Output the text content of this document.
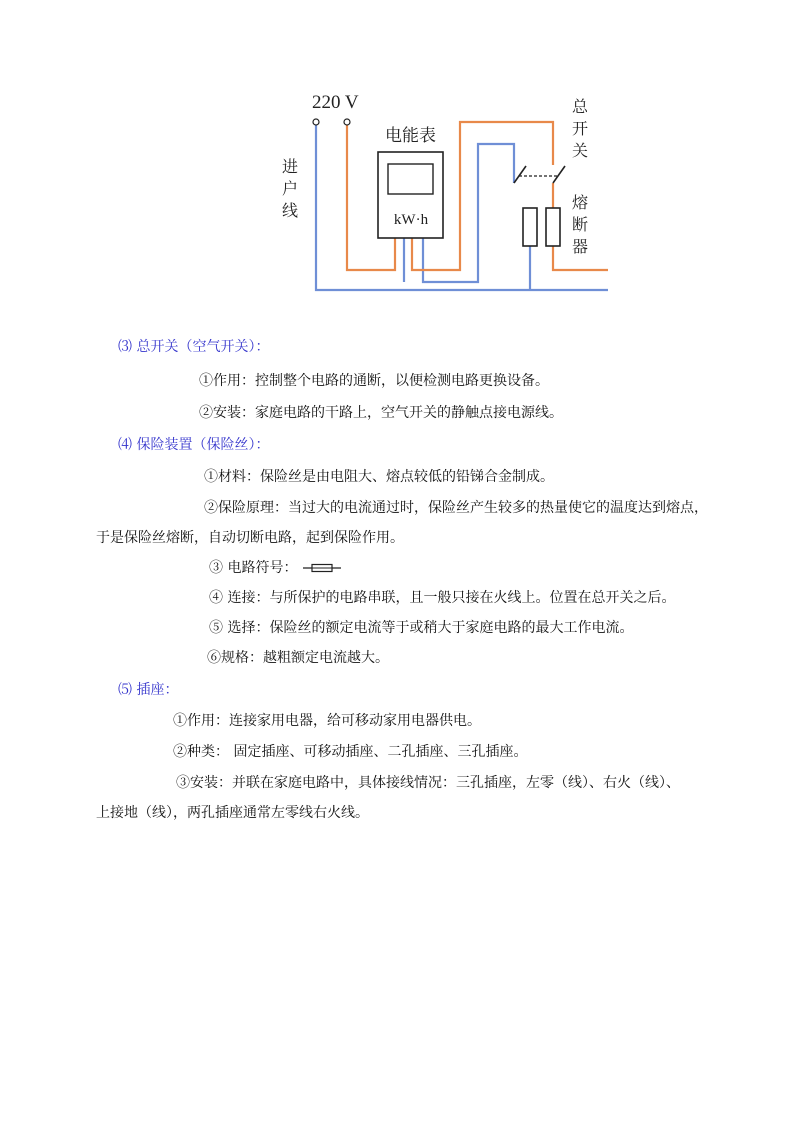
220 V
进
户
线
电能表
kW·h
总
开
关
熔
断
器

⑶ 总开关（空气开关）：

①作用：控制整个电路的通断，以便检测电路更换设备。

②安装：家庭电路的干路上，空气开关的静触点接电源线。

⑷ 保险装置（保险丝）：

①材料：保险丝是由电阻大、熔点较低的铅锑合金制成。

②保险原理：当过大的电流通过时，保险丝产生较多的热量使它的温度达到熔点，

于是保险丝熔断，自动切断电路，起到保险作用。

③ 电路符号：

④ 连接：与所保护的电路串联，且一般只接在火线上。位置在总开关之后。

⑤ 选择：保险丝的额定电流等于或稍大于家庭电路的最大工作电流。

⑥规格：越粗额定电流越大。

⑸ 插座：

①作用：连接家用电器，给可移动家用电器供电。

②种类： 固定插座、可移动插座、二孔插座、三孔插座。

③安装：并联在家庭电路中，具体接线情况：三孔插座，左零（线）、右火（线）、

上接地（线），两孔插座通常左零线右火线。
